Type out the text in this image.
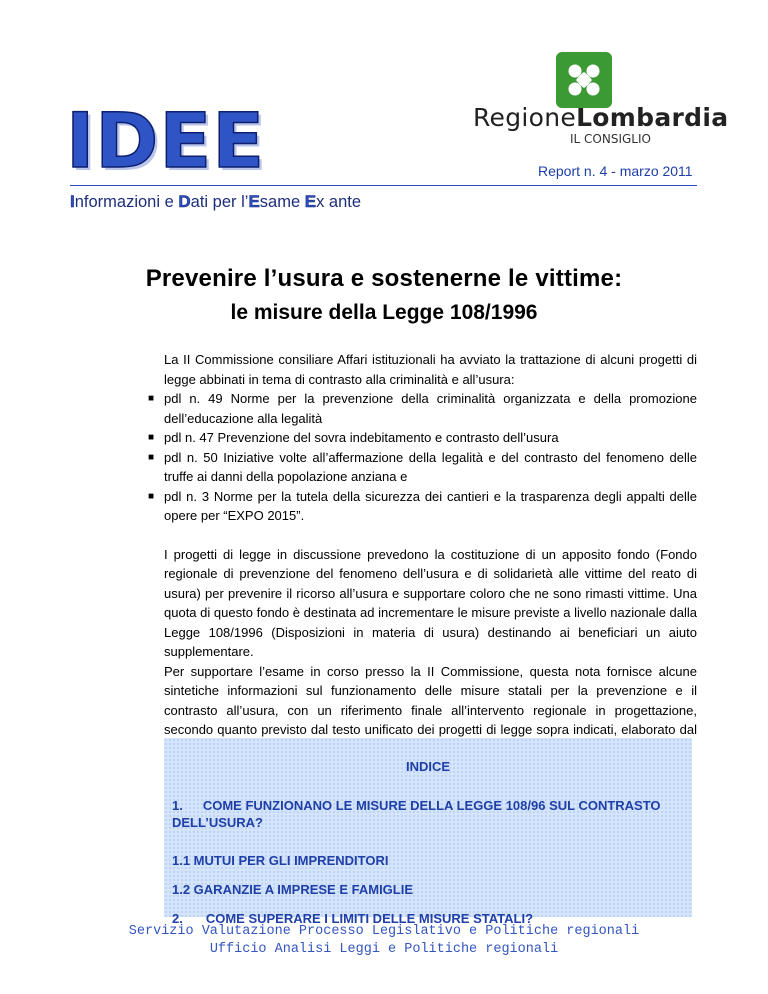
IDEE	RegioneLombardia
IL CONSIGLIO
Report n. 4 - marzo 2011
Informazioni e Dati per l’Esame Ex ante
Prevenire l’usura e sostenerne le vittime:
le misure della Legge 108/1996

La II Commissione consiliare Affari istituzionali ha avviato la trattazione di alcuni progetti di legge abbinati in tema di contrasto alla criminalità e all’usura:

■ pdl n. 49 Norme per la prevenzione della criminalità organizzata e della promozione dell’educazione alla legalità
■ pdl n. 47 Prevenzione del sovra indebitamento e contrasto dell’usura
■ pdl n. 50 Iniziative volte all’affermazione della legalità e del contrasto del fenomeno delle truffe ai danni della popolazione anziana e
■ pdl n. 3 Norme per la tutela della sicurezza dei cantieri e la trasparenza degli appalti delle opere per “EXPO 2015”.

I progetti di legge in discussione prevedono la costituzione di un apposito fondo (Fondo regionale di prevenzione del fenomeno dell’usura e di solidarietà alle vittime del reato di usura) per prevenire il ricorso all’usura e supportare coloro che ne sono rimasti vittime. Una quota di questo fondo è destinata ad incrementare le misure previste a livello nazionale dalla Legge 108/1996 (Disposizioni in materia di usura) destinando ai beneficiari un aiuto supplementare.

Per supportare l’esame in corso presso la II Commissione, questa nota fornisce alcune sintetiche informazioni sul funzionamento delle misure statali per la prevenzione e il contrasto all’usura, con un riferimento finale all’intervento regionale in progettazione, secondo quanto previsto dal testo unificato dei progetti di legge sopra indicati, elaborato dal

INDICE
1. COME FUNZIONANO LE MISURE DELLA LEGGE 108/96 SUL CONTRASTO
DELL’USURA?
1.1 MUTUI PER GLI IMPRENDITORI
1.2 GARANZIE A IMPRESE E FAMIGLIE
2. COME SUPERARE I LIMITI DELLE MISURE STATALI?
Servizio Valutazione Processo Legislativo e Politiche regionali
Ufficio Analisi Leggi e Politiche regionali
